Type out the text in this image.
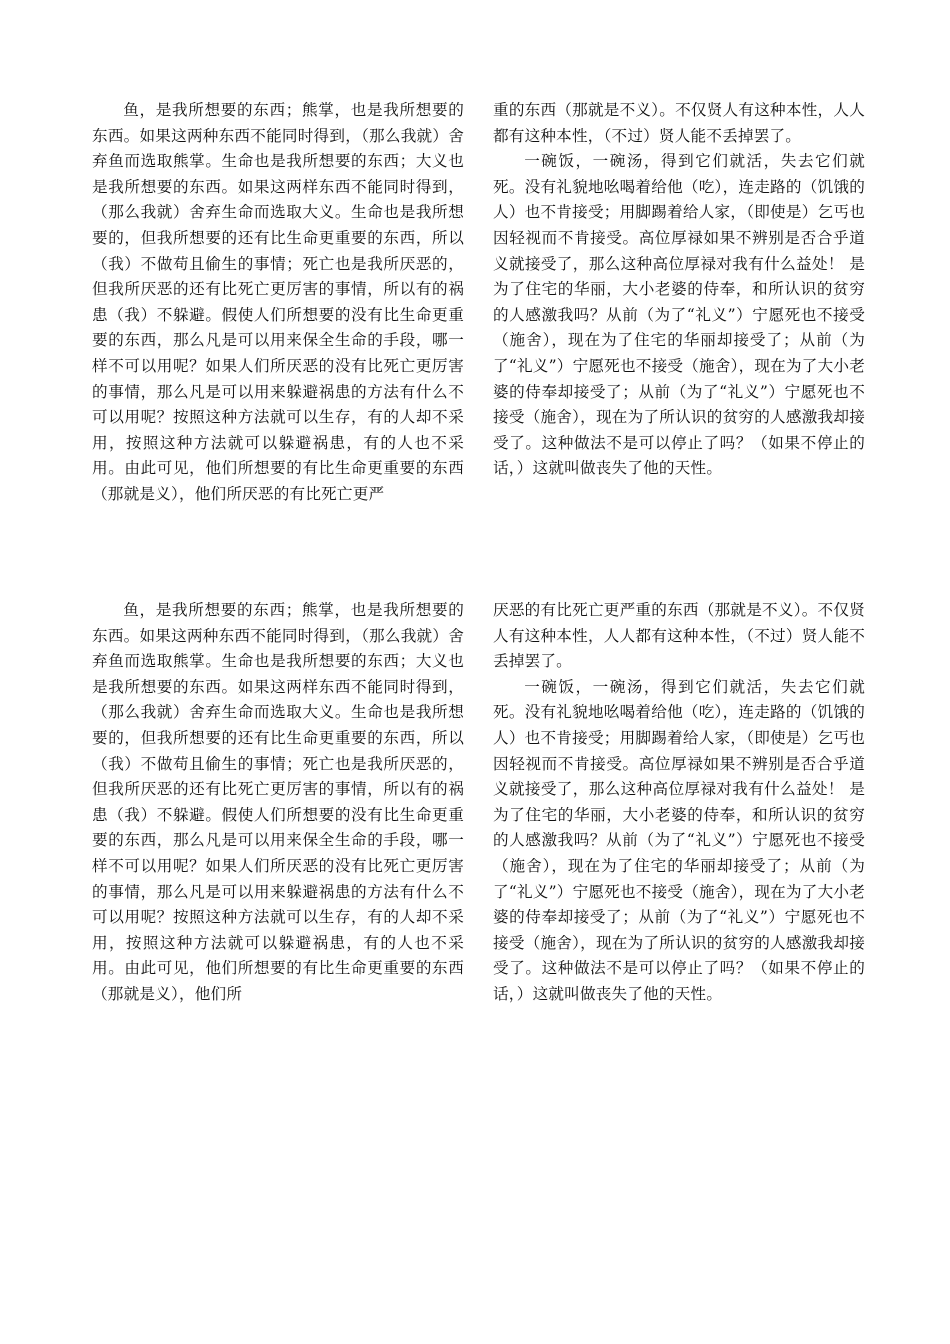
鱼，是我所想要的东西；熊掌，也是我所想要的东西。如果这两种东西不能同时得到，（那么我就）舍弃鱼而选取熊掌。生命也是我所想要的东西；大义也是我所想要的东西。如果这两样东西不能同时得到，（那么我就）舍弃生命而选取大义。生命也是我所想要的，但我所想要的还有比生命更重要的东西，所以（我）不做苟且偷生的事情；死亡也是我所厌恶的，但我所厌恶的还有比死亡更厉害的事情，所以有的祸患（我）不躲避。假使人们所想要的没有比生命更重要的东西，那么凡是可以用来保全生命的手段，哪一样不可以用呢？如果人们所厌恶的没有比死亡更厉害的事情，那么凡是可以用来躲避祸患的方法有什么不可以用呢？按照这种方法就可以生存，有的人却不采用，按照这种方法就可以躲避祸患，有的人也不采用。由此可见，他们所想要的有比生命更重要的东西（那就是义），他们所厌恶的有比死亡更严

重的东西（那就是不义）。不仅贤人有这种本性，人人都有这种本性，（不过）贤人能不丢掉罢了。

一碗饭，一碗汤，得到它们就活，失去它们就死。没有礼貌地吆喝着给他（吃），连走路的（饥饿的人）也不肯接受；用脚踢着给人家，（即使是）乞丐也因轻视而不肯接受。高位厚禄如果不辨别是否合乎道义就接受了，那么这种高位厚禄对我有什么益处！ 是为了住宅的华丽，大小老婆的侍奉，和所认识的贫穷的人感激我吗？从前（为了“礼义”）宁愿死也不接受（施舍），现在为了住宅的华丽却接受了；从前（为了“礼义”）宁愿死也不接受（施舍），现在为了大小老婆的侍奉却接受了；从前（为了“礼义”）宁愿死也不接受（施舍），现在为了所认识的贫穷的人感激我却接受了。这种做法不是可以停止了吗？（如果不停止的话，）这就叫做丧失了他的天性。

鱼，是我所想要的东西；熊掌，也是我所想要的东西。如果这两种东西不能同时得到，（那么我就）舍弃鱼而选取熊掌。生命也是我所想要的东西；大义也是我所想要的东西。如果这两样东西不能同时得到，（那么我就）舍弃生命而选取大义。生命也是我所想要的，但我所想要的还有比生命更重要的东西，所以（我）不做苟且偷生的事情；死亡也是我所厌恶的，但我所厌恶的还有比死亡更厉害的事情，所以有的祸患（我）不躲避。假使人们所想要的没有比生命更重要的东西，那么凡是可以用来保全生命的手段，哪一样不可以用呢？如果人们所厌恶的没有比死亡更厉害的事情，那么凡是可以用来躲避祸患的方法有什么不可以用呢？按照这种方法就可以生存，有的人却不采用，按照这种方法就可以躲避祸患，有的人也不采用。由此可见，他们所想要的有比生命更重要的东西（那就是义），他们所

厌恶的有比死亡更严重的东西（那就是不义）。不仅贤人有这种本性，人人都有这种本性，（不过）贤人能不丢掉罢了。

一碗饭，一碗汤，得到它们就活，失去它们就死。没有礼貌地吆喝着给他（吃），连走路的（饥饿的人）也不肯接受；用脚踢着给人家，（即使是）乞丐也因轻视而不肯接受。高位厚禄如果不辨别是否合乎道义就接受了，那么这种高位厚禄对我有什么益处！ 是为了住宅的华丽，大小老婆的侍奉，和所认识的贫穷的人感激我吗？从前（为了“礼义”）宁愿死也不接受（施舍），现在为了住宅的华丽却接受了；从前（为了“礼义”）宁愿死也不接受（施舍），现在为了大小老婆的侍奉却接受了；从前（为了“礼义”）宁愿死也不接受（施舍），现在为了所认识的贫穷的人感激我却接受了。这种做法不是可以停止了吗？（如果不停止的话，）这就叫做丧失了他的天性。
